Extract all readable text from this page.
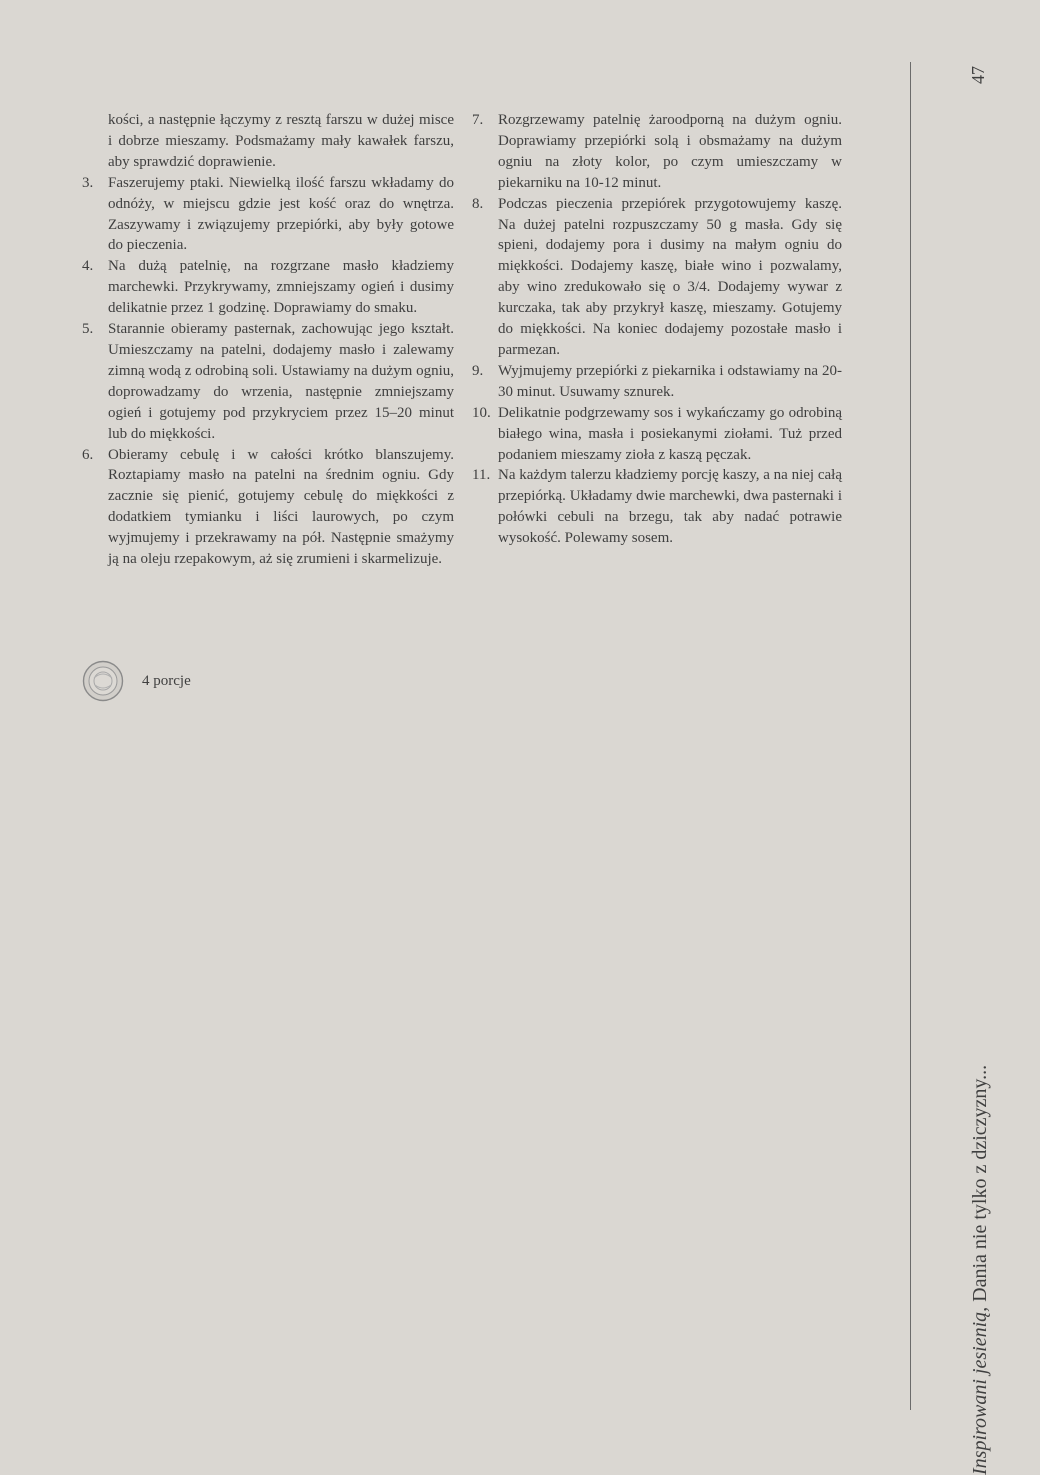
kości, a następnie łączymy z resztą farszu w dużej misce i dobrze mieszamy. Podsmażamy mały kawałek farszu, aby sprawdzić doprawienie.
3. Faszerujemy ptaki. Niewielką ilość farszu wkładamy do odnóży, w miejscu gdzie jest kość oraz do wnętrza. Zaszywamy i związujemy przepiórki, aby były gotowe do pieczenia.
4. Na dużą patelnię, na rozgrzane masło kładziemy marchewki. Przykrywamy, zmniejszamy ogień i dusimy delikatnie przez 1 godzinę. Doprawiamy do smaku.
5. Starannie obieramy pasternak, zachowując jego kształt. Umieszczamy na patelni, dodajemy masło i zalewamy zimną wodą z odrobiną soli. Ustawiamy na dużym ogniu, doprowadzamy do wrzenia, następnie zmniejszamy ogień i gotujemy pod przykryciem przez 15–20 minut lub do miękkości.
6. Obieramy cebulę i w całości krótko blanszujemy. Roztapiamy masło na patelni na średnim ogniu. Gdy zacznie się pienić, gotujemy cebulę do miękkości z dodatkiem tymianku i liści laurowych, po czym wyjmujemy i przekrawamy na pół. Następnie smażymy ją na oleju rzepakowym, aż się zrumieni i skarmelizuje.
7. Rozgrzewamy patelnię żaroodporną na dużym ogniu. Doprawiamy przepiórki solą i obsmażamy na dużym ogniu na złoty kolor, po czym umieszczamy w piekarniku na 10-12 minut.
8. Podczas pieczenia przepiórek przygotowujemy kaszę. Na dużej patelni rozpuszczamy 50 g masła. Gdy się spieni, dodajemy pora i dusimy na małym ogniu do miękkości. Dodajemy kaszę, białe wino i pozwalamy, aby wino zredukowało się o 3/4. Dodajemy wywar z kurczaka, tak aby przykrył kaszę, mieszamy. Gotujemy do miękkości. Na koniec dodajemy pozostałe masło i parmezan.
9. Wyjmujemy przepiórki z piekarnika i odstawiamy na 20-30 minut. Usuwamy sznurek.
10. Delikatnie podgrzewamy sos i wykańczamy go odrobiną białego wina, masła i posiekanymi ziołami. Tuż przed podaniem mieszamy zioła z kaszą pęczak.
11. Na każdym talerzu kładziemy porcję kaszy, a na niej całą przepiórką. Układamy dwie marchewki, dwa pasternaki i połówki cebuli na brzegu, tak aby nadać potrawie wysokość. Polewamy sosem.
4 porcje
47
Inspirowani jesienią, Dania nie tylko z dziczyzny...
